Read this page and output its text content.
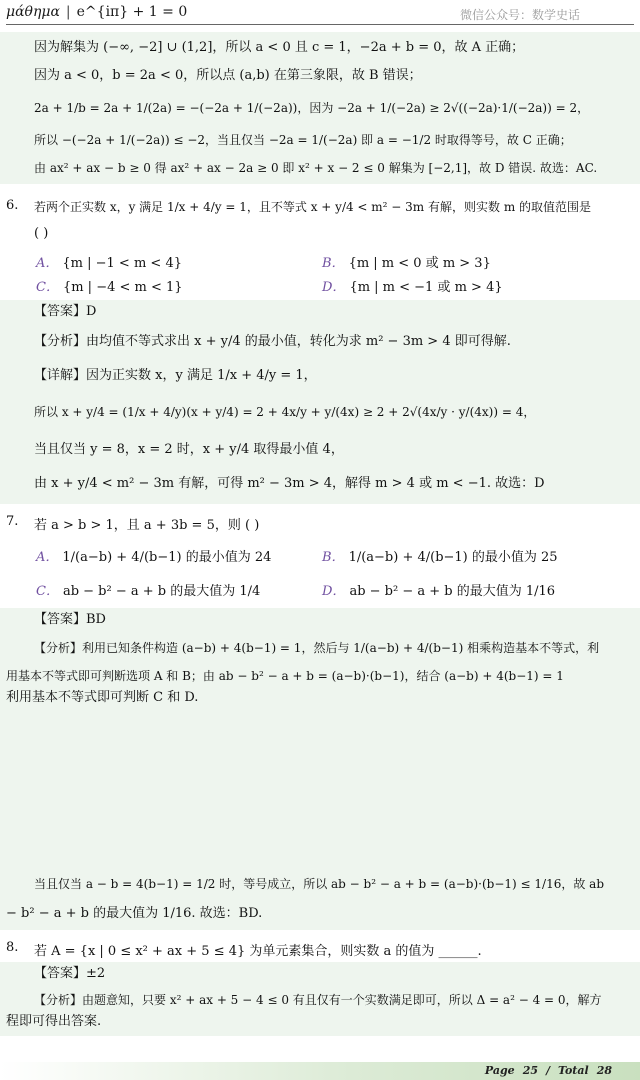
μάθημα | e^{iπ} + 1 = 0	微信公众号：数学史话
因为解集为 (−∞, −2] ∪ (1,2]，所以 a < 0 且 c = 1，−2a + b = 0，故 A 正确；
因为 a < 0，b = 2a < 0，所以点 (a,b) 在第三象限，故 B 错误；
2a + 1/b = 2a + 1/(2a) = −(−2a + 1/(−2a))，因为 −2a + 1/(−2a) ≥ 2√((−2a)·1/(−2a)) = 2，
所以 −(−2a + 1/(−2a)) ≤ −2，当且仅当 −2a = 1/(−2a) 即 a = −1/2 时取得等号，故 C 正确；
由 ax² + ax − b ≥ 0 得 ax² + ax − 2a ≥ 0 即 x² + x − 2 ≤ 0 解集为 [−2,1]，故 D 错误. 故选：AC.
6. 若两个正实数 x，y 满足 1/x + 4/y = 1，且不等式 x + y/4 < m² − 3m 有解，则实数 m 的取值范围是
( )
A． {m | −1 < m < 4}	B． {m | m < 0 或 m > 3}
C． {m | −4 < m < 1}	D． {m | m < −1 或 m > 4}
【答案】D
【分析】由均值不等式求出 x + y/4 的最小值，转化为求 m² − 3m > 4 即可得解.
【详解】因为正实数 x，y 满足 1/x + 4/y = 1，
所以 x + y/4 = (1/x + 4/y)(x + y/4) = 2 + 4x/y + y/(4x) ≥ 2 + 2√(4x/y · y/(4x)) = 4，
当且仅当 y = 8，x = 2 时，x + y/4 取得最小值 4，
由 x + y/4 < m² − 3m 有解，可得 m² − 3m > 4，解得 m > 4 或 m < −1. 故选：D
7. 若 a > b > 1，且 a + 3b = 5，则 ( )
A． 1/(a−b) + 4/(b−1) 的最小值为 24	B． 1/(a−b) + 4/(b−1) 的最小值为 25
C． ab − b² − a + b 的最大值为 1/4	D． ab − b² − a + b 的最大值为 1/16
【答案】BD
【分析】利用已知条件构造 (a−b) + 4(b−1) = 1，然后与 1/(a−b) + 4/(b−1) 相乘构造基本不等式，利
用基本不等式即可判断选项 A 和 B；由 ab − b² − a + b = (a−b)·(b−1)，结合 (a−b) + 4(b−1) = 1
利用基本不等式即可判断 C 和 D.
当且仅当 a − b = 4(b−1) = 1/2 时，等号成立，所以 ab − b² − a + b = (a−b)·(b−1) ≤ 1/16，故 ab
− b² − a + b 的最大值为 1/16. 故选：BD.
8. 若 A = {x | 0 ≤ x² + ax + 5 ≤ 4} 为单元素集合，则实数 a 的值为 ______.
【答案】±2
【分析】由题意知，只要 x² + ax + 5 − 4 ≤ 0 有且仅有一个实数满足即可，所以 Δ = a² − 4 = 0，解方
程即可得出答案.
Page 25 / Total 28
